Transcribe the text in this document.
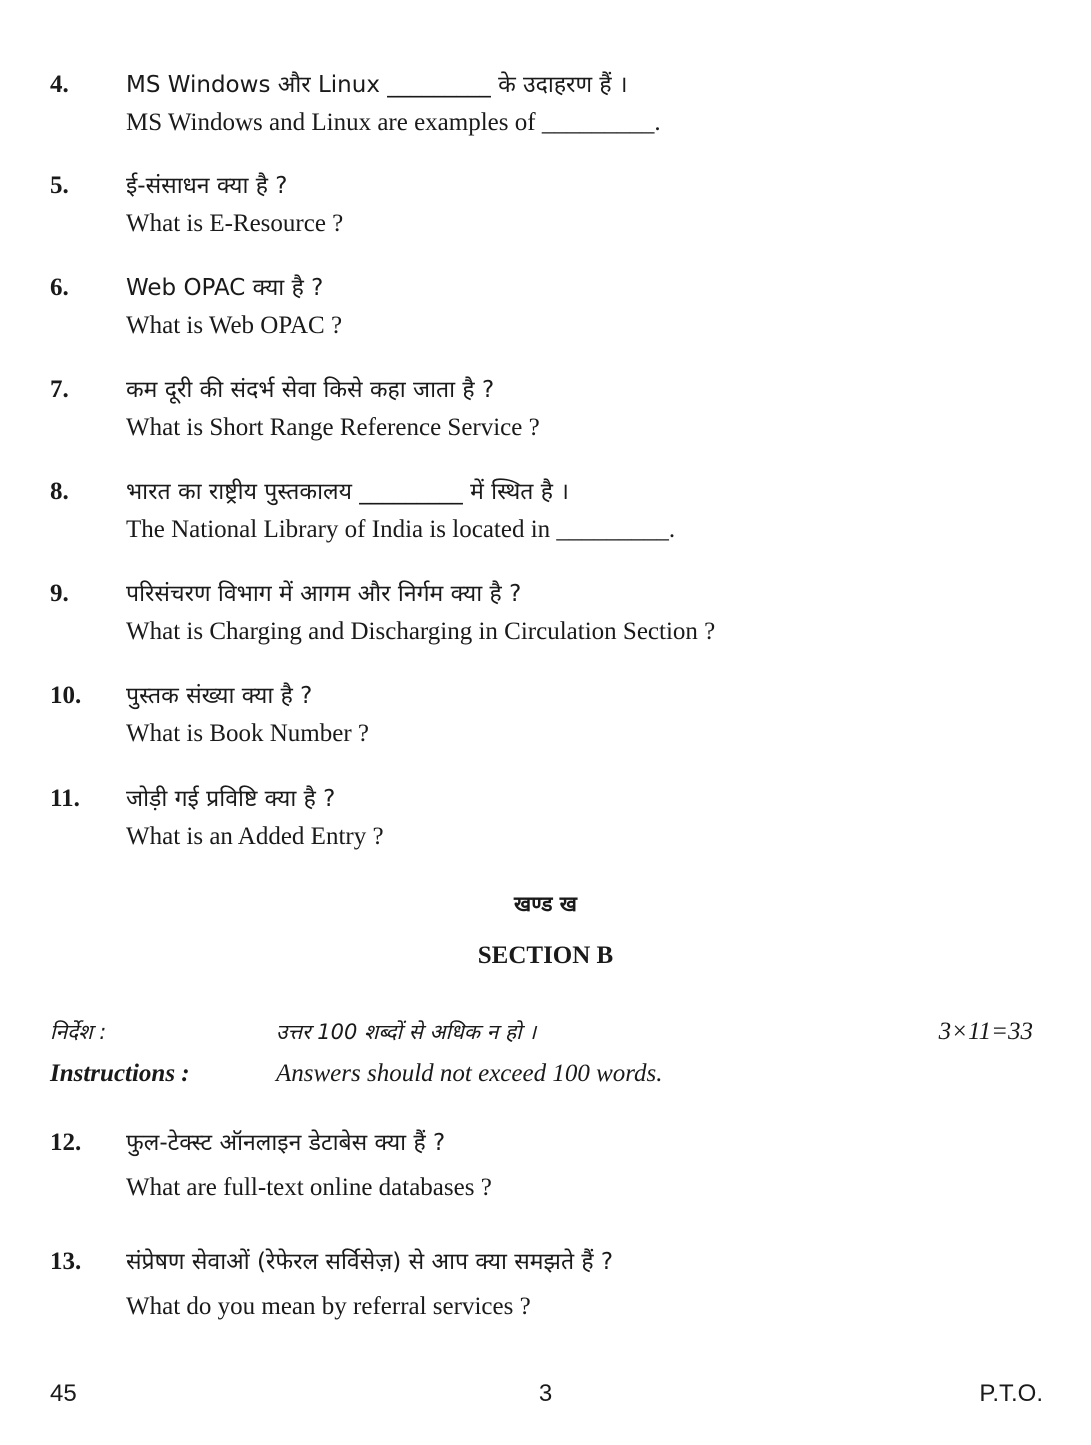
4. MS Windows और Linux _________ के उदाहरण हैं ।
MS Windows and Linux are examples of _________.
5. ई-संसाधन क्या है ?
What is E-Resource ?
6. Web OPAC क्या है ?
What is Web OPAC ?
7. कम दूरी की संदर्भ सेवा किसे कहा जाता है ?
What is Short Range Reference Service ?
8. भारत का राष्ट्रीय पुस्तकालय _________ में स्थित है ।
The National Library of India is located in _________.
9. परिसंचरण विभाग में आगम और निर्गम क्या है ?
What is Charging and Discharging in Circulation Section ?
10. पुस्तक संख्या क्या है ?
What is Book Number ?
11. जोड़ी गई प्रविष्टि क्या है ?
What is an Added Entry ?
खण्ड ख
SECTION B
निर्देश :	उत्तर 100 शब्दों से अधिक न हो ।	3×11=33
Instructions :	Answers should not exceed 100 words.
12. फुल-टेक्स्ट ऑनलाइन डेटाबेस क्या हैं ?
What are full-text online databases ?
13. संप्रेषण सेवाओं (रेफेरल सर्विसेज़) से आप क्या समझते हैं ?
What do you mean by referral services ?
45	3	P.T.O.
